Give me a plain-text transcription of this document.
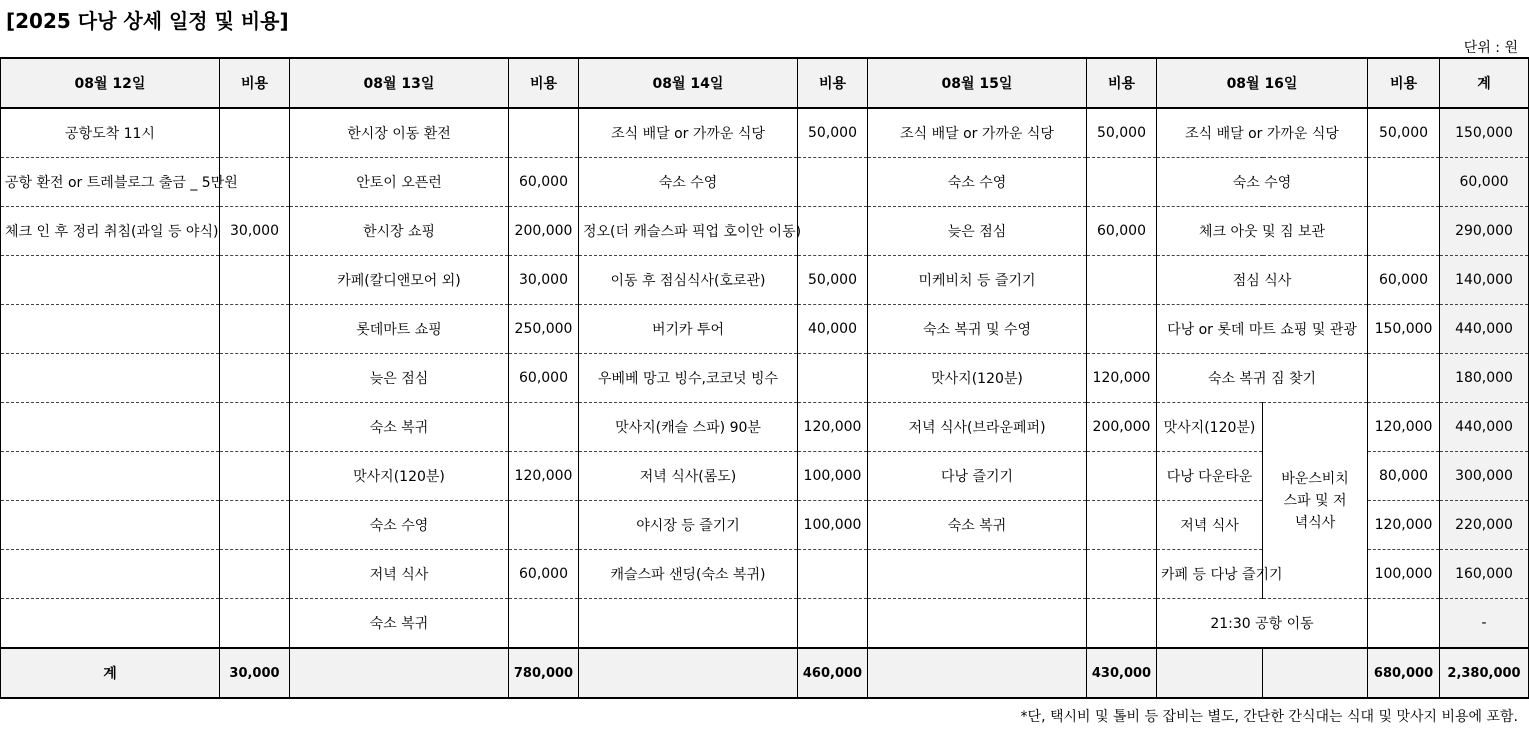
[2025 다낭 상세 일정 및 비용]
단위 : 원
08월 12일	비용	08월 13일	비용	08월 14일	비용	08월 15일	비용	08월 16일		비용	계
공항도착 11시		한시장 이동 환전		조식 배달 or 가까운 식당	50,000	조식 배달 or 가까운 식당	50,000	조식 배달 or 가까운 식당		50,000	150,000
공항 환전 or 트레블로그 출금 _ 5만원		안토이 오픈런	60,000	숙소 수영		숙소 수영		숙소 수영			60,000
체크 인 후 정리 취침(과일 등 야식)	30,000	한시장 쇼핑	200,000	정오(더 캐슬스파 픽업 호이안 이동)		늦은 점심	60,000	체크 아웃 및 짐 보관			290,000
		카페(칼디앤모어 외)	30,000	이동 후 점심식사(호로관)	50,000	미케비치 등 즐기기		점심 식사		60,000	140,000
		롯데마트 쇼핑	250,000	버기카 투어	40,000	숙소 복귀 및 수영		다낭 or 롯데 마트 쇼핑 및 관광		150,000	440,000
		늦은 점심	60,000	우베베 망고 빙수,코코넛 빙수		맛사지(120분)	120,000	숙소 복귀 짐 찾기			180,000
		숙소 복귀		맛사지(캐슬 스파) 90분	120,000	저녁 식사(브라운페퍼)	200,000	맛사지(120분)	바운스비치 스파 및 저녁식사	120,000	440,000
		맛사지(120분)	120,000	저녁 식사(롬도)	100,000	다낭 즐기기		다낭 다운타운		80,000	300,000
		숙소 수영		야시장 등 즐기기	100,000	숙소 복귀		저녁 식사		120,000	220,000
		저녁 식사	60,000	캐슬스파 샌딩(숙소 복귀)				카페 등 다낭 즐기기		100,000	160,000
		숙소 복귀						21:30 공항 이동			-
계	30,000		780,000		460,000		430,000			680,000	2,380,000
*단, 택시비 및 톨비 등 잡비는 별도, 간단한 간식대는 식대 및 맛사지 비용에 포함.
